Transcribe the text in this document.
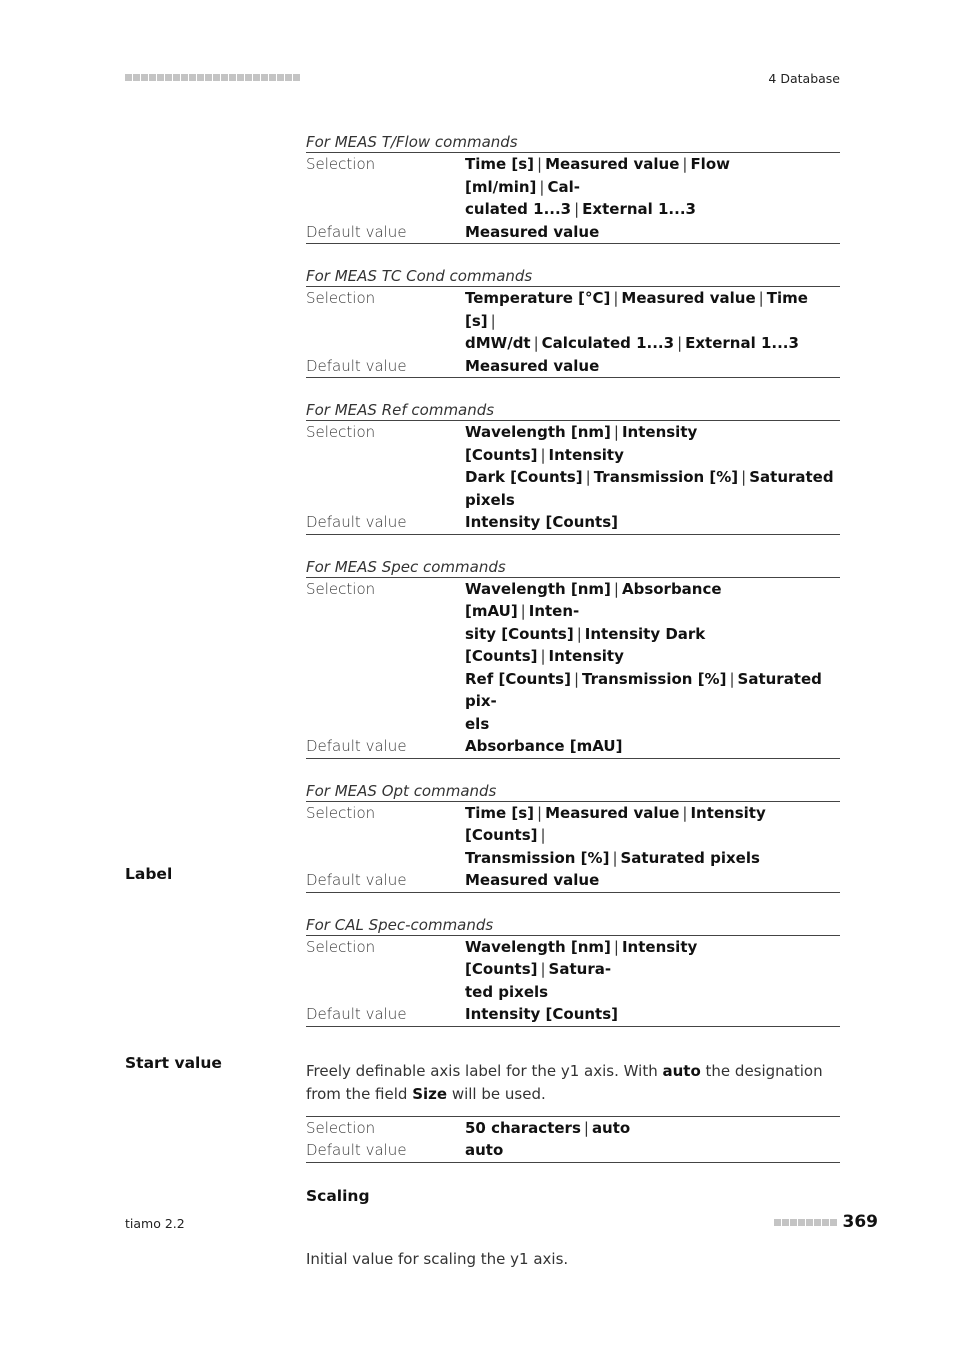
4 Database
For MEAS T/Flow commands
Selection	Time [s] | Measured value | Flow [ml/min] | Cal-
culated 1...3 | External 1...3

Default value	Measured value
For MEAS TC Cond commands
Selection	Temperature [°C] | Measured value | Time [s] |
dMW/dt | Calculated 1...3 | External 1...3

Default value	Measured value
For MEAS Ref commands
Selection	Wavelength [nm] | Intensity [Counts] | Intensity
Dark [Counts] | Transmission [%] | Saturated
pixels

Default value	Intensity [Counts]
For MEAS Spec commands
Selection	Wavelength [nm] | Absorbance [mAU] | Inten-
sity [Counts] | Intensity Dark [Counts] | Intensity
Ref [Counts] | Transmission [%] | Saturated pix-
els

Default value	Absorbance [mAU]
For MEAS Opt commands
Selection	Time [s] | Measured value | Intensity [Counts] |
Transmission [%] | Saturated pixels

Default value	Measured value
For CAL Spec-commands
Selection	Wavelength [nm] | Intensity [Counts] | Satura-
ted pixels

Default value	Intensity [Counts]
Freely definable axis label for the y1 axis. With auto the designation from the field Size will be used.
Selection	50 characters | auto
Default value	auto
Scaling
Initial value for scaling the y1 axis.
Label
Start value
tiamo 2.2	369
